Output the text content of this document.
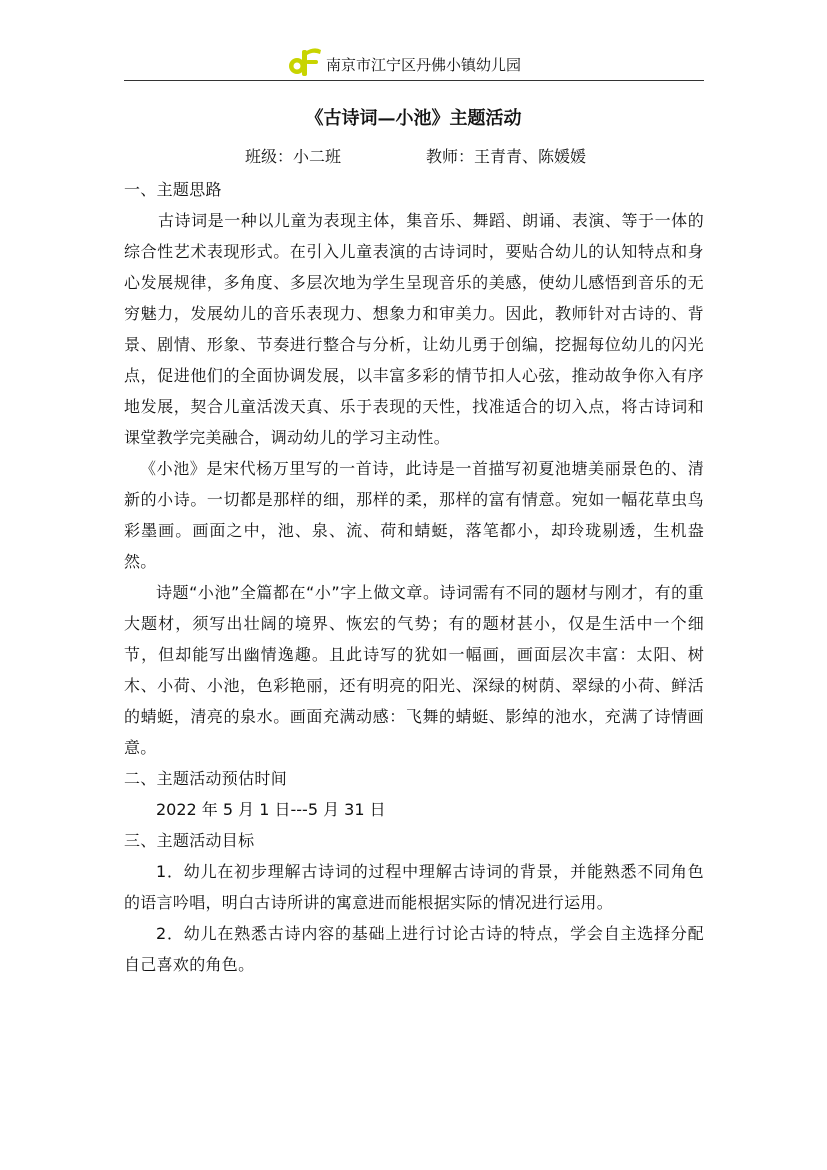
南京市江宁区丹佛小镇幼儿园
《古诗词—小池》主题活动
班级：小二班	教师：王青青、陈媛媛

一、主题思路

古诗词是一种以儿童为表现主体，集音乐、舞蹈、朗诵、表演、等于一体的综合性艺术表现形式。在引入儿童表演的古诗词时，要贴合幼儿的认知特点和身心发展规律，多角度、多层次地为学生呈现音乐的美感，使幼儿感悟到音乐的无穷魅力，发展幼儿的音乐表现力、想象力和审美力。因此，教师针对古诗的、背景、剧情、形象、节奏进行整合与分析，让幼儿勇于创编，挖掘每位幼儿的闪光点，促进他们的全面协调发展，以丰富多彩的情节扣人心弦，推动故争你入有序地发展，契合儿童活泼天真、乐于表现的天性，找准适合的切入点，将古诗词和课堂教学完美融合，调动幼儿的学习主动性。

《小池》是宋代杨万里写的一首诗，此诗是一首描写初夏池塘美丽景色的、清新的小诗。一切都是那样的细，那样的柔，那样的富有情意。宛如一幅花草虫鸟彩墨画。画面之中，池、泉、流、荷和蜻蜓，落笔都小，却玲珑剔透，生机盎然。

诗题“小池”全篇都在“小”字上做文章。诗词需有不同的题材与刚才，有的重大题材，须写出壮阔的境界、恢宏的气势；有的题材甚小，仅是生活中一个细节，但却能写出幽情逸趣。且此诗写的犹如一幅画，画面层次丰富：太阳、树木、小荷、小池，色彩艳丽，还有明亮的阳光、深绿的树荫、翠绿的小荷、鲜活的蜻蜓，清亮的泉水。画面充满动感：飞舞的蜻蜓、影绰的池水，充满了诗情画意。

二、主题活动预估时间

2022 年 5 月 1 日---5 月 31 日

三、主题活动目标

1．幼儿在初步理解古诗词的过程中理解古诗词的背景，并能熟悉不同角色的语言吟唱，明白古诗所讲的寓意进而能根据实际的情况进行运用。

2．幼儿在熟悉古诗内容的基础上进行讨论古诗的特点，学会自主选择分配自己喜欢的角色。
